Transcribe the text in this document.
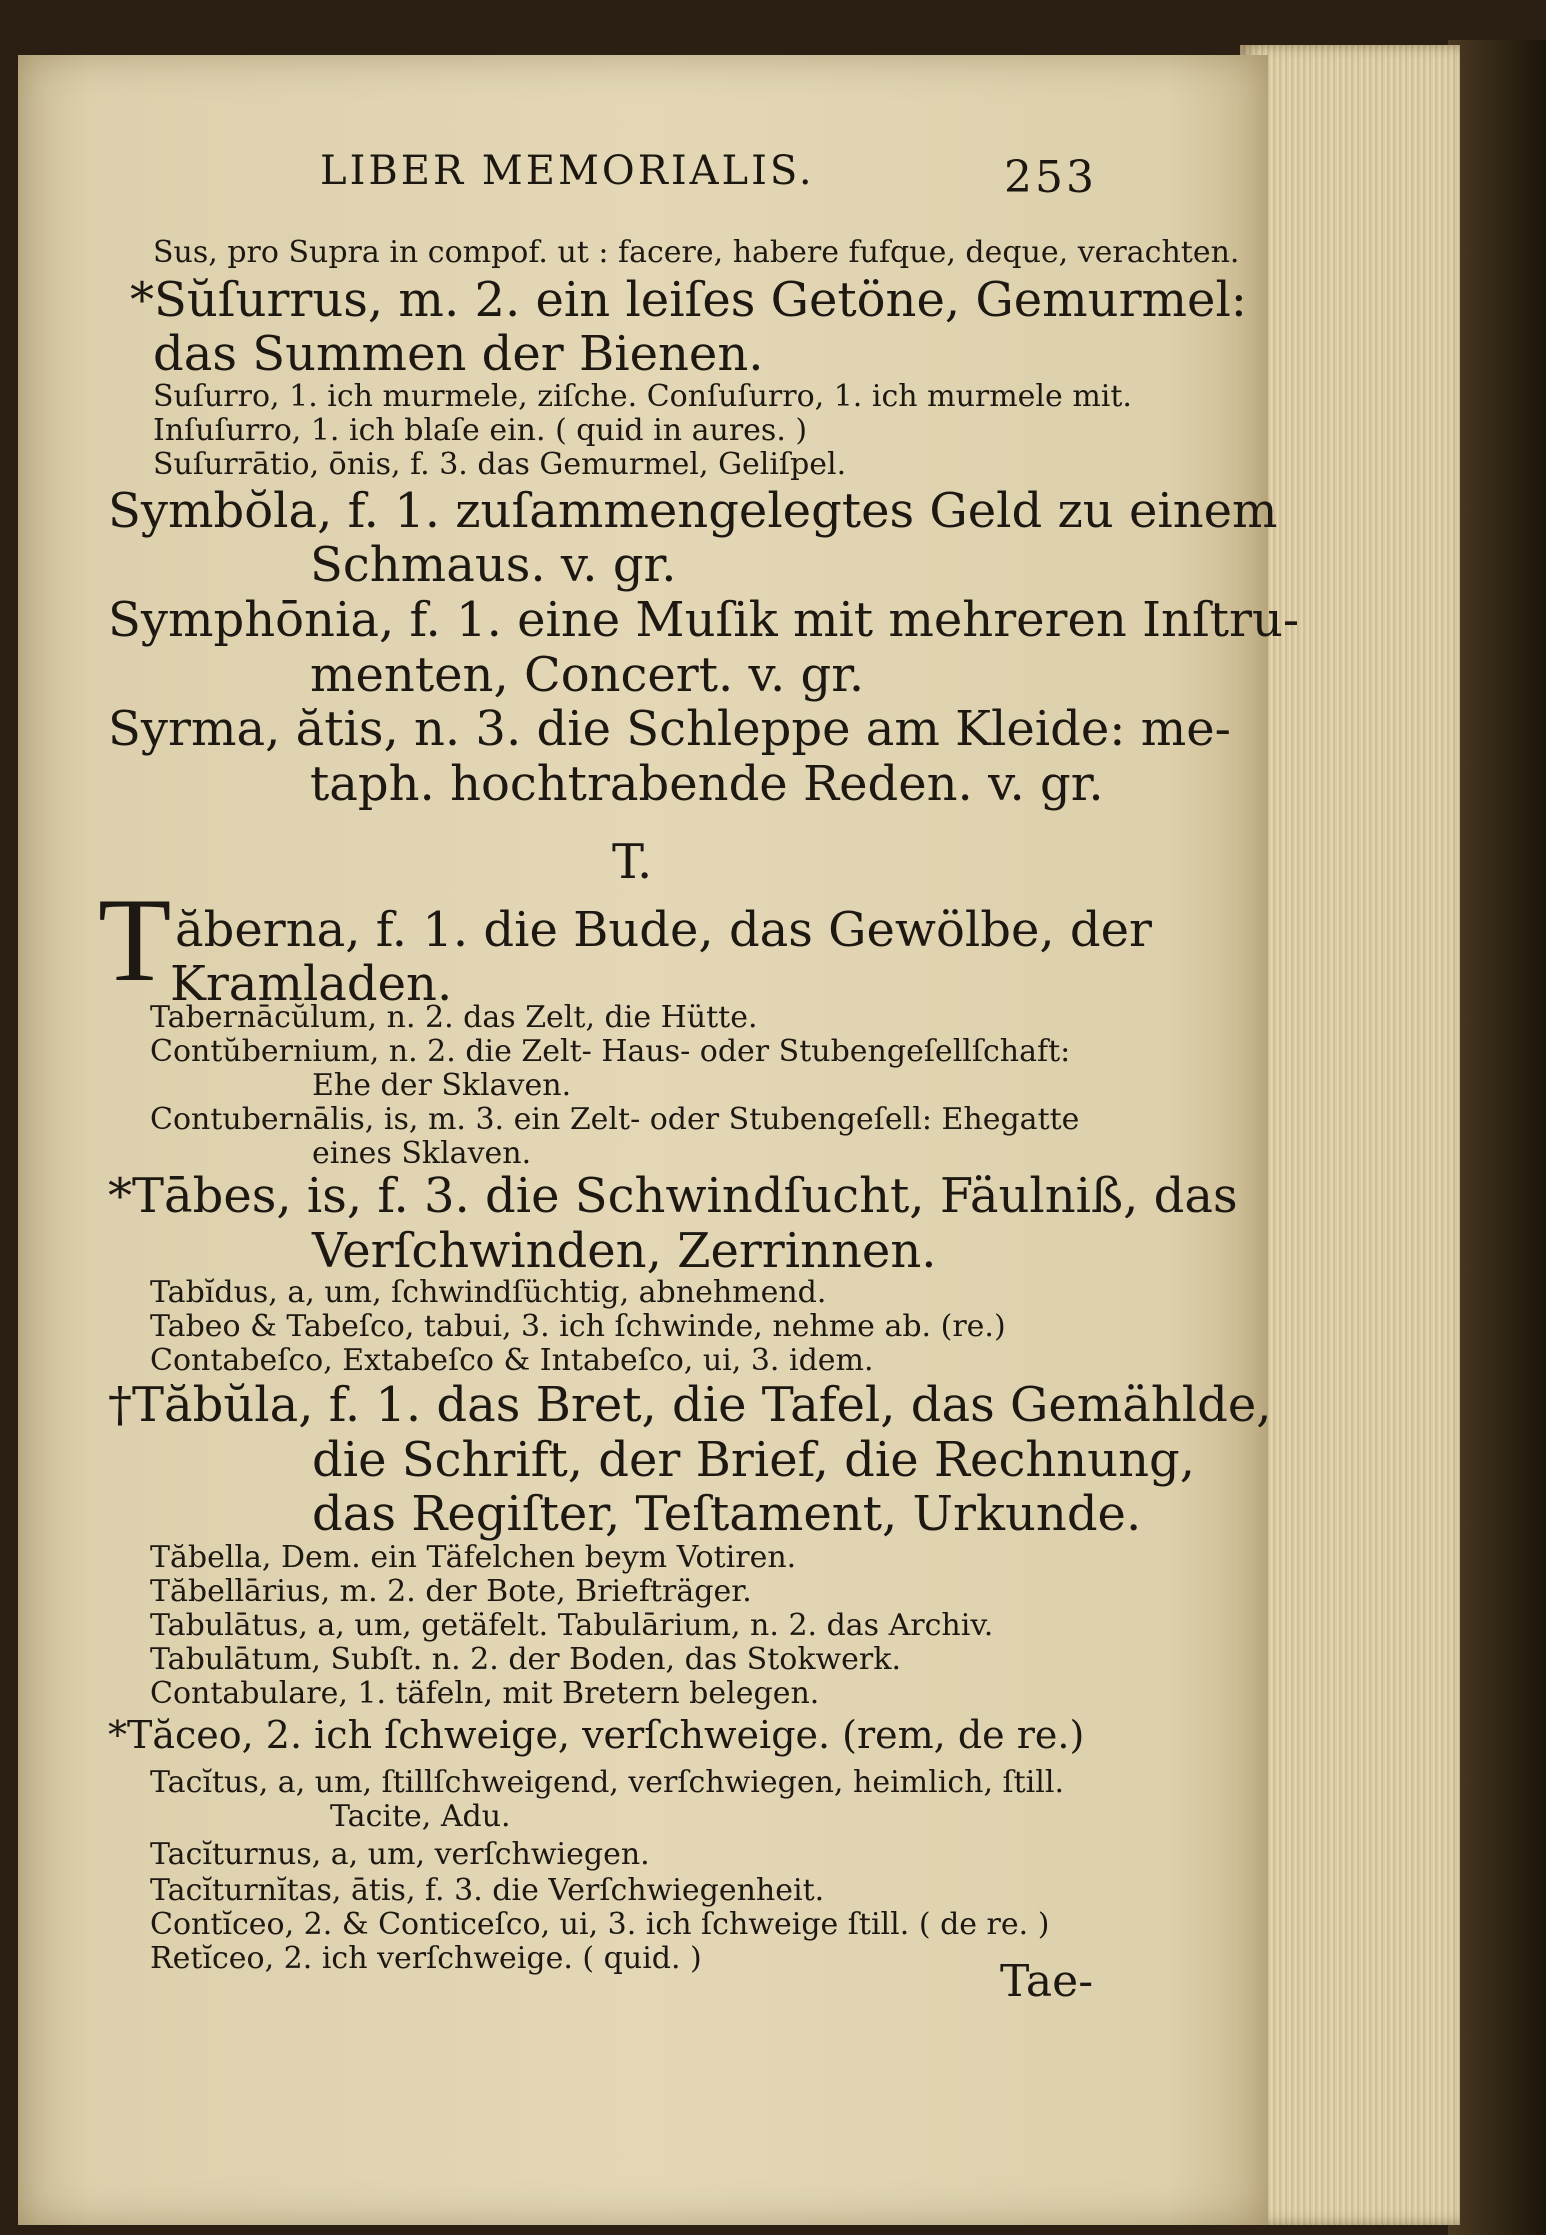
LIBER MEMORIALIS.	253
Sus, pro Supra in compof. ut : facere, habere fufque, deque, verachten.
*Sŭſurrus, m. 2. ein leiſes Getöne, Gemurmel:
das Summen der Bienen.
Suſurro, 1. ich murmele, ziſche. Conſuſurro, 1. ich murmele mit.
Inſuſurro, 1. ich blaſe ein. ( quid in aures. )
Suſurrātio, ōnis, f. 3. das Gemurmel, Geliſpel.
Symbŏla, f. 1. zuſammengelegtes Geld zu einem
Schmaus. v. gr.
Symphōnia, f. 1. eine Muſik mit mehreren Inſtru-
menten, Concert. v. gr.
Syrma, ătis, n. 3. die Schleppe am Kleide: me-
taph. hochtrabende Reden. v. gr.
T.
T ăberna, f. 1. die Bude, das Gewölbe, der
Kramladen.
Tabernācŭlum, n. 2. das Zelt, die Hütte.
Contŭbernium, n. 2. die Zelt- Haus- oder Stubengeſellſchaft:
Ehe der Sklaven.
Contubernālis, is, m. 3. ein Zelt- oder Stubengeſell: Ehegatte
eines Sklaven.
*Tābes, is, f. 3. die Schwindſucht, Fäulniß, das
Verſchwinden, Zerrinnen.
Tabĭdus, a, um, ſchwindſüchtig, abnehmend.
Tabeo & Tabeſco, tabui, 3. ich ſchwinde, nehme ab. (re.)
Contabeſco, Extabeſco & Intabeſco, ui, 3. idem.
†Tăbŭla, f. 1. das Bret, die Tafel, das Gemählde,
die Schrift, der Brief, die Rechnung,
das Regiſter, Teſtament, Urkunde.
Tăbella, Dem. ein Täfelchen beym Votiren.
Tăbellārius, m. 2. der Bote, Briefträger.
Tabulātus, a, um, getäfelt. Tabulārium, n. 2. das Archiv.
Tabulātum, Subſt. n. 2. der Boden, das Stokwerk.
Contabulare, 1. täfeln, mit Bretern belegen.
*Tăceo, 2. ich ſchweige, verſchweige. (rem, de re.)
Tacĭtus, a, um, ſtillſchweigend, verſchwiegen, heimlich, ſtill.
Tacite, Adu.
Tacĭturnus, a, um, verſchwiegen.
Tacĭturnĭtas, ātis, f. 3. die Verſchwiegenheit.
Contĭceo, 2. & Conticeſco, ui, 3. ich ſchweige ſtill. ( de re. )
Retĭceo, 2. ich verſchweige. ( quid. )	Tae-
